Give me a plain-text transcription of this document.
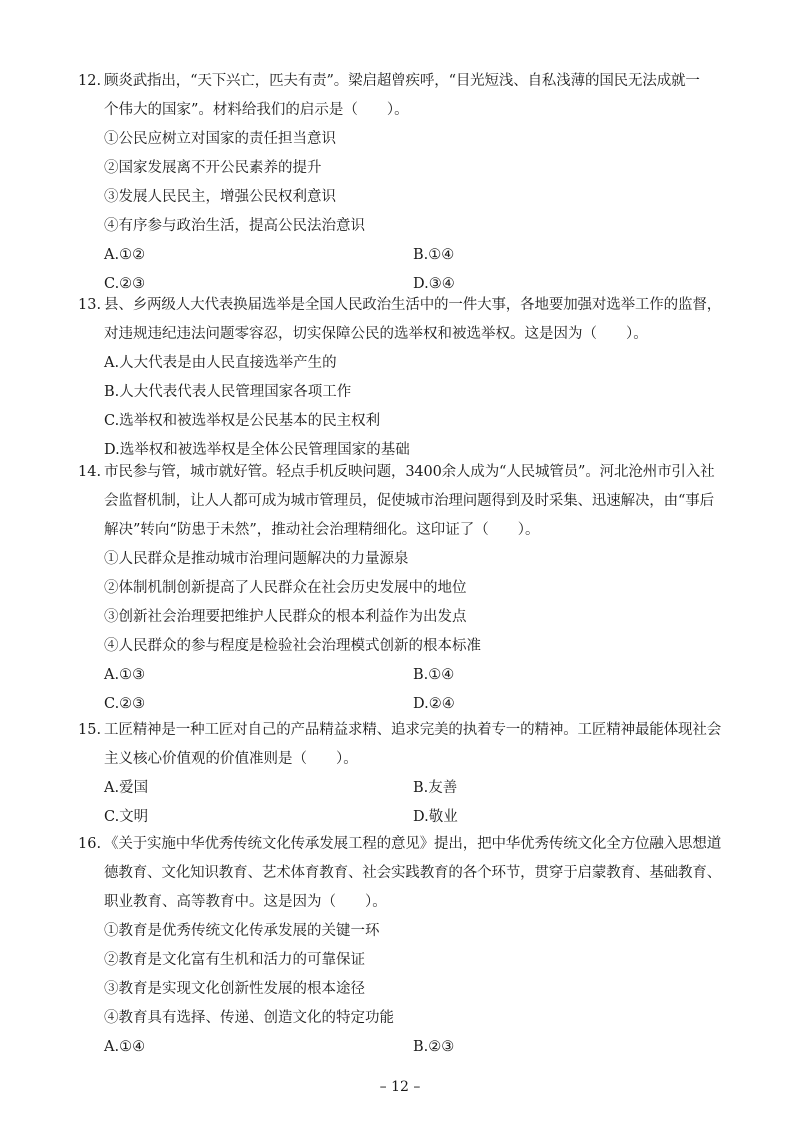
12. 顾炎武指出，“天下兴亡，匹夫有责”。梁启超曾疾呼，“目光短浅、自私浅薄的国民无法成就一
个伟大的国家”。材料给我们的启示是（　　）。
①公民应树立对国家的责任担当意识
②国家发展离不开公民素养的提升
③发展人民民主，增强公民权利意识
④有序参与政治生活，提高公民法治意识
A.①②	B.①④
C.②③	D.③④
13. 县、乡两级人大代表换届选举是全国人民政治生活中的一件大事，各地要加强对选举工作的监督，
对违规违纪违法问题零容忍，切实保障公民的选举权和被选举权。这是因为（　　）。
A.人大代表是由人民直接选举产生的
B.人大代表代表人民管理国家各项工作
C.选举权和被选举权是公民基本的民主权利
D.选举权和被选举权是全体公民管理国家的基础
14. 市民参与管，城市就好管。轻点手机反映问题，3400余人成为“人民城管员”。河北沧州市引入社
会监督机制，让人人都可成为城市管理员，促使城市治理问题得到及时采集、迅速解决，由“事后
解决”转向“防患于未然”，推动社会治理精细化。这印证了（　　）。
①人民群众是推动城市治理问题解决的力量源泉
②体制机制创新提高了人民群众在社会历史发展中的地位
③创新社会治理要把维护人民群众的根本利益作为出发点
④人民群众的参与程度是检验社会治理模式创新的根本标准
A.①③	B.①④
C.②③	D.②④
15. 工匠精神是一种工匠对自己的产品精益求精、追求完美的执着专一的精神。工匠精神最能体现社会
主义核心价值观的价值准则是（　　）。
A.爱国	B.友善
C.文明	D.敬业
16. 《关于实施中华优秀传统文化传承发展工程的意见》提出，把中华优秀传统文化全方位融入思想道
德教育、文化知识教育、艺术体育教育、社会实践教育的各个环节，贯穿于启蒙教育、基础教育、
职业教育、高等教育中。这是因为（　　）。
①教育是优秀传统文化传承发展的关键一环
②教育是文化富有生机和活力的可靠保证
③教育是实现文化创新性发展的根本途径
④教育具有选择、传递、创造文化的特定功能
A.①④	B.②③
– 12 –
